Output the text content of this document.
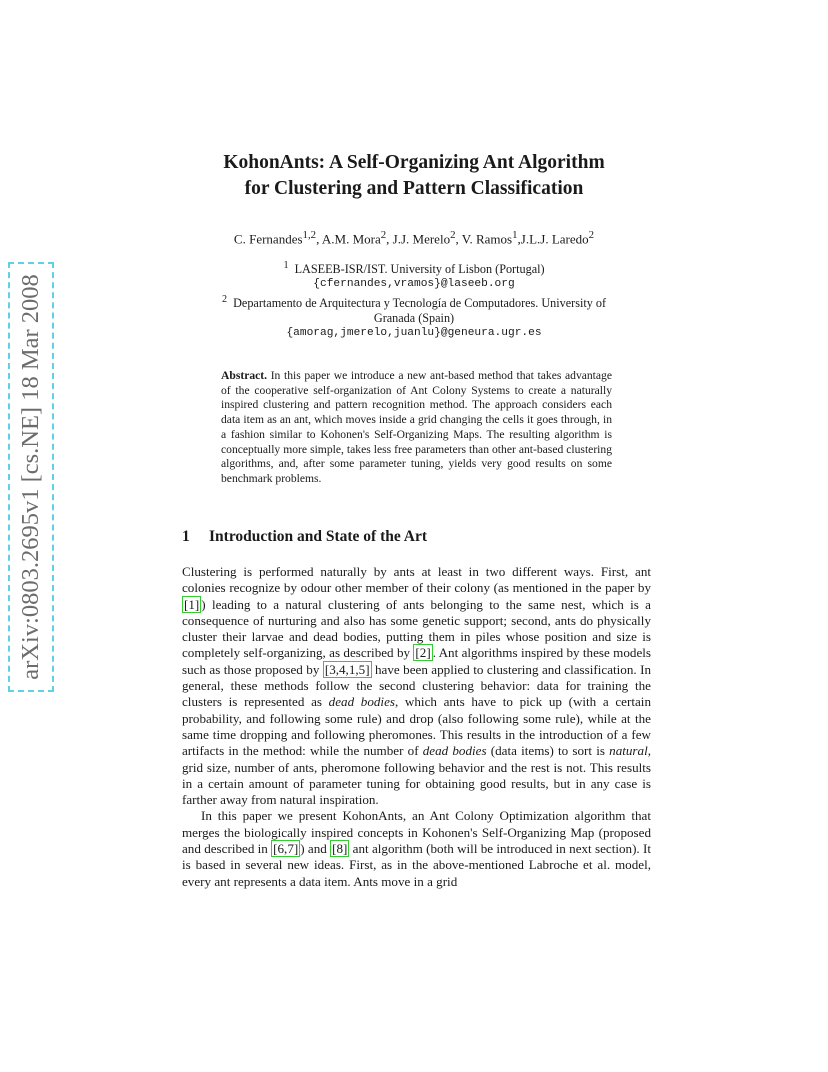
arXiv:0803.2695v1 [cs.NE] 18 Mar 2008
KohonAnts: A Self-Organizing Ant Algorithm
for Clustering and Pattern Classification
C. Fernandes$^{1,2}$, A.M. Mora$^2$, J.J. Merelo$^2$, V. Ramos$^1$,J.L.J. Laredo$^2$
$^1$ LASEEB-ISR/IST. University of Lisbon (Portugal)
{cfernandes,vramos}@laseeb.org
$^2$ Departamento de Arquitectura y Tecnología de Computadores. University of
Granada (Spain)
{amorag,jmerelo,juanlu}@geneura.ugr.es
Abstract. In this paper we introduce a new ant-based method that takes advantage of the cooperative self-organization of Ant Colony Systems to create a naturally inspired clustering and pattern recognition method. The approach considers each data item as an ant, which moves inside a grid changing the cells it goes through, in a fashion similar to Kohonen's Self-Organizing Maps. The resulting algorithm is conceptually more simple, takes less free parameters than other ant-based clustering algorithms, and, after some parameter tuning, yields very good results on some benchmark problems.
1 Introduction and State of the Art

Clustering is performed naturally by ants at least in two different ways. First, ant colonies recognize by odour other member of their colony (as mentioned in the paper by [1] ) leading to a natural clustering of ants belonging to the same nest, which is a consequence of nurturing and also has some genetic support; second, ants do physically cluster their larvae and dead bodies, putting them in piles whose position and size is completely self-organizing, as described by [2] . Ant algorithms inspired by these models such as those proposed by [3,4,1,5] have been applied to clustering and classification. In general, these methods follow the second clustering behavior: data for training the clusters is represented as dead bodies, which ants have to pick up (with a certain probability, and following some rule) and drop (also following some rule), while at the same time dropping and following pheromones. This results in the introduction of a few artifacts in the method: while the number of dead bodies (data items) to sort is natural, grid size, number of ants, pheromone following behavior and the rest is not. This results in a certain amount of parameter tuning for obtaining good results, but in any case is farther away from natural inspiration.

In this paper we present KohonAnts, an Ant Colony Optimization algorithm that merges the biologically inspired concepts in Kohonen's Self-Organizing Map (proposed and described in [6,7] ) and [8] ant algorithm (both will be introduced in next section). It is based in several new ideas. First, as in the above-mentioned Labroche et al. model, every ant represents a data item. Ants move in a grid
